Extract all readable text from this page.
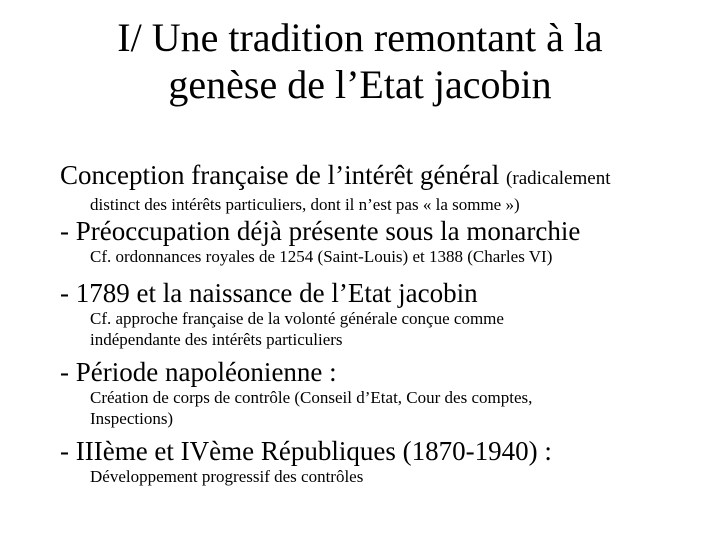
I/ Une tradition remontant à la
genèse de l’Etat jacobin
Conception française de l’intérêt général (radicalement
distinct des intérêts particuliers, dont il n’est pas « la somme »)
- Préoccupation déjà présente sous la monarchie
Cf. ordonnances royales de 1254 (Saint-Louis) et 1388 (Charles VI)
- 1789 et la naissance de l’Etat jacobin
Cf. approche française de la volonté générale conçue comme
indépendante des intérêts particuliers
- Période napoléonienne :
Création de corps de contrôle (Conseil d’Etat, Cour des comptes,
Inspections)
- IIIème et IVème Républiques (1870-1940) :
Développement progressif des contrôles
